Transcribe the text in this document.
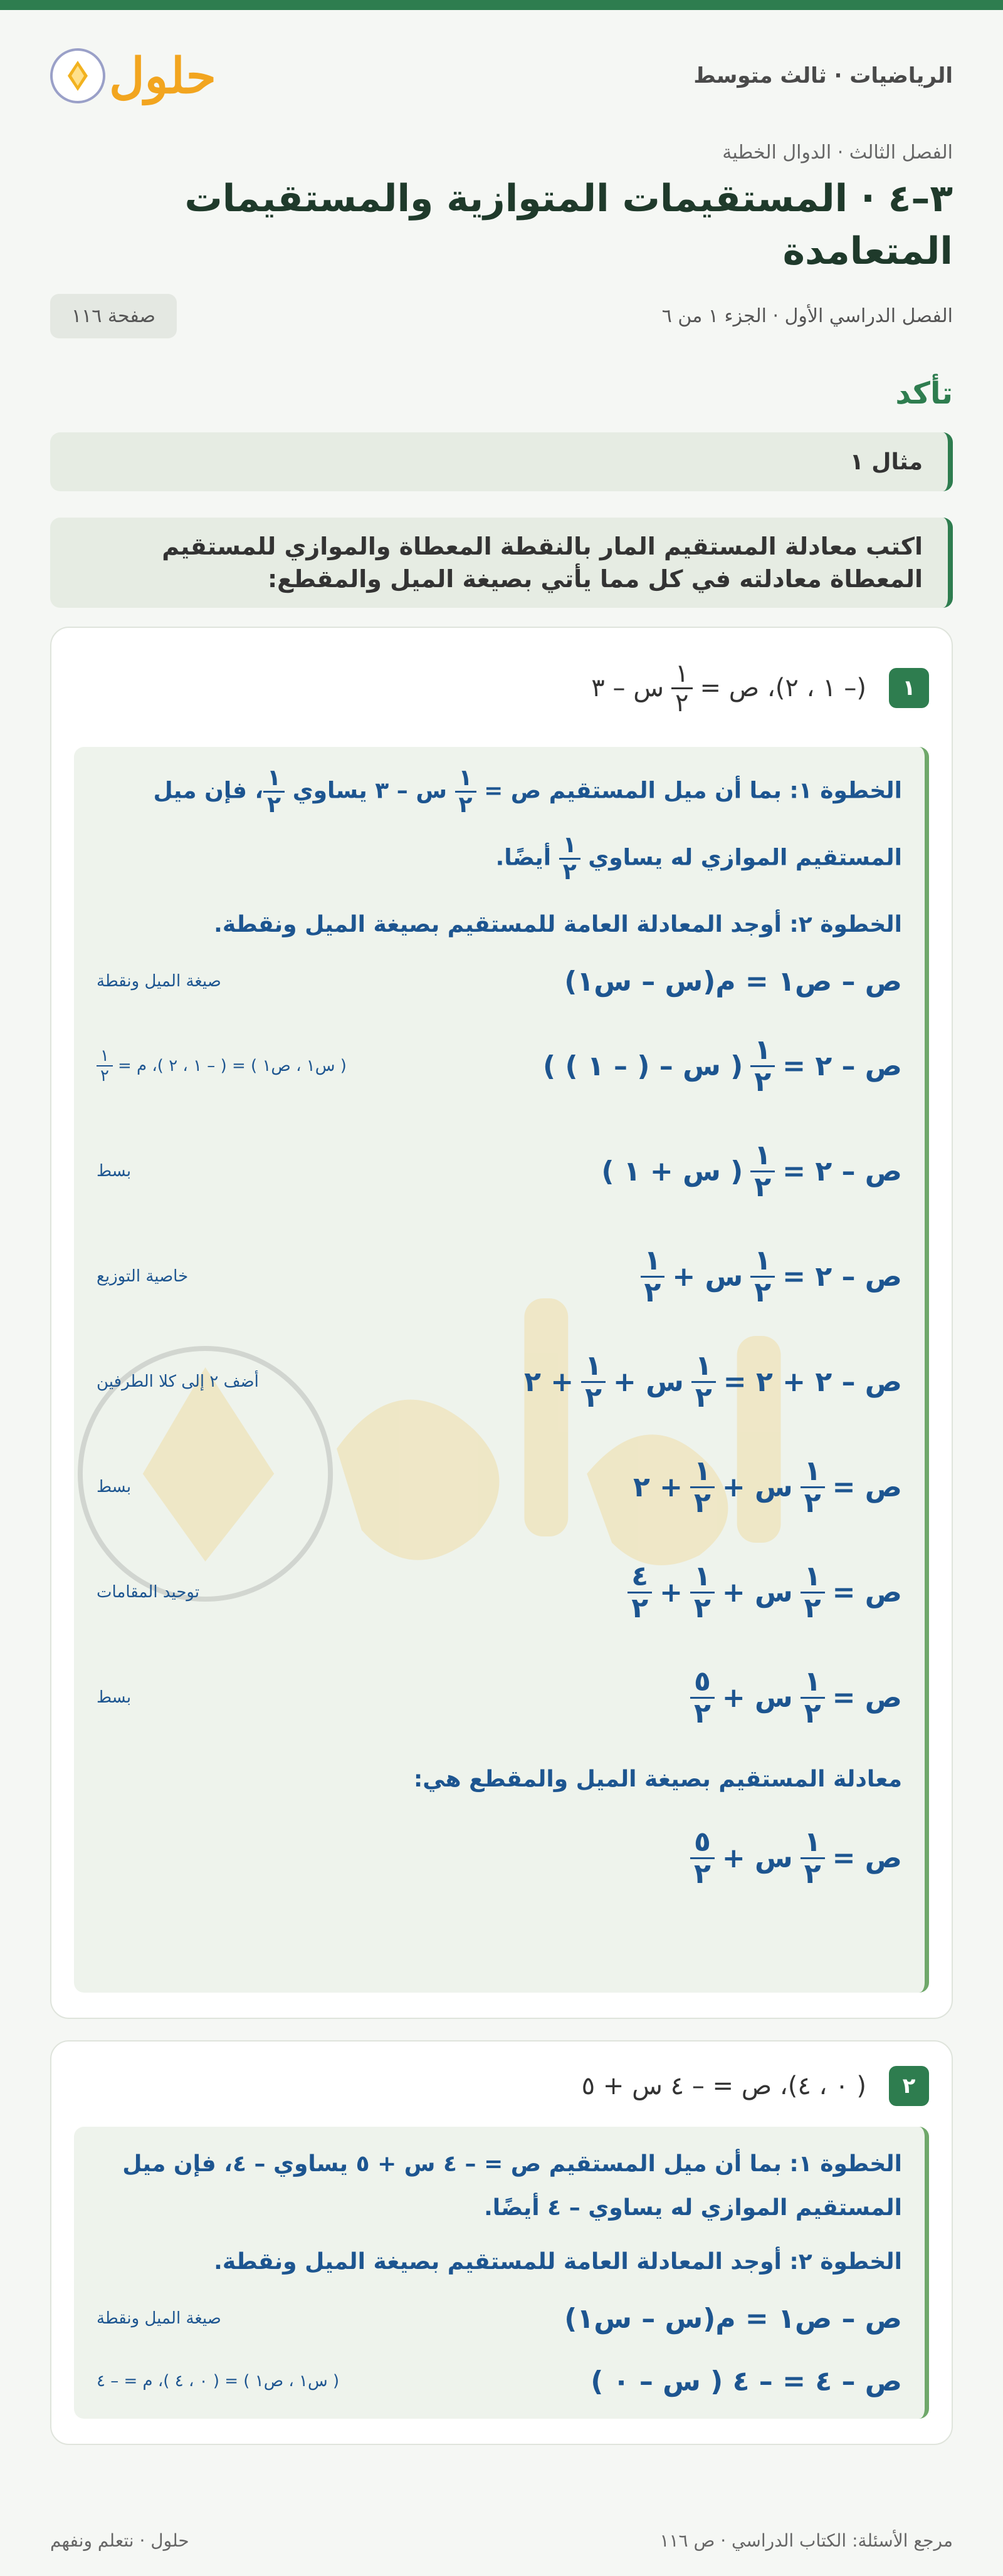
الرياضيات · ثالث متوسط
حلول
الفصل الثالث · الدوال الخطية
٣–٤ · المستقيمات المتوازية والمستقيمات
المتعامدة
الفصل الدراسي الأول · الجزء ١ من ٦
صفحة ١١٦
تأكد
مثال ١
اكتب معادلة المستقيم المار بالنقطة المعطاة والموازي للمستقيم المعطاة معادلته في كل مما يأتي بصيغة الميل والمقطع:
١
(– ١ ، ٢)، ص =
$\frac{١}{٢}$
س – ٣
الخطوة ١: بما أن ميل المستقيم ص =
$\frac{١}{٢}$
س – ٣ يساوي
$\frac{١}{٢}$
، فإن ميل
المستقيم الموازي له يساوي
$\frac{١}{٢}$
أيضًا.
الخطوة ٢: أوجد المعادلة العامة للمستقيم بصيغة الميل ونقطة.
ص – ص١ = م(س – س١)
صيغة الميل ونقطة
ص – ٢ =
$\frac{١}{٢}$
( س – ( – ١ ) )
( س١ ، ص١ ) = ( – ١ ، ٢ )، م =
$\frac{١}{٢}$
ص – ٢ =
$\frac{١}{٢}$
( س + ١ )
بسط
ص – ٢ =
$\frac{١}{٢}$
س +
$\frac{١}{٢}$
خاصية التوزيع
ص – ٢ + ٢ =
$\frac{١}{٢}$
س +
$\frac{١}{٢}$
+ ٢
أضف ٢ إلى كلا الطرفين
ص =
$\frac{١}{٢}$
س +
$\frac{١}{٢}$
+ ٢
بسط
ص =
$\frac{١}{٢}$
س +
$\frac{١}{٢}$
+
$\frac{٤}{٢}$
توحيد المقامات
ص =
$\frac{١}{٢}$
س +
$\frac{٥}{٢}$
بسط
معادلة المستقيم بصيغة الميل والمقطع هي:
ص =
$\frac{١}{٢}$
س +
$\frac{٥}{٢}$
٢
( ٠ ، ٤)، ص = – ٤ س + ٥
الخطوة ١: بما أن ميل المستقيم ص = – ٤ س + ٥ يساوي – ٤، فإن ميل
المستقيم الموازي له يساوي – ٤ أيضًا.
الخطوة ٢: أوجد المعادلة العامة للمستقيم بصيغة الميل ونقطة.
ص – ص١ = م(س – س١)
صيغة الميل ونقطة
ص – ٤ = – ٤ ( س – ٠ )
( س١ ، ص١ ) = ( ٠ ، ٤ )، م = – ٤
مرجع الأسئلة: الكتاب الدراسي · ص ١١٦
حلول · نتعلم ونفهم
